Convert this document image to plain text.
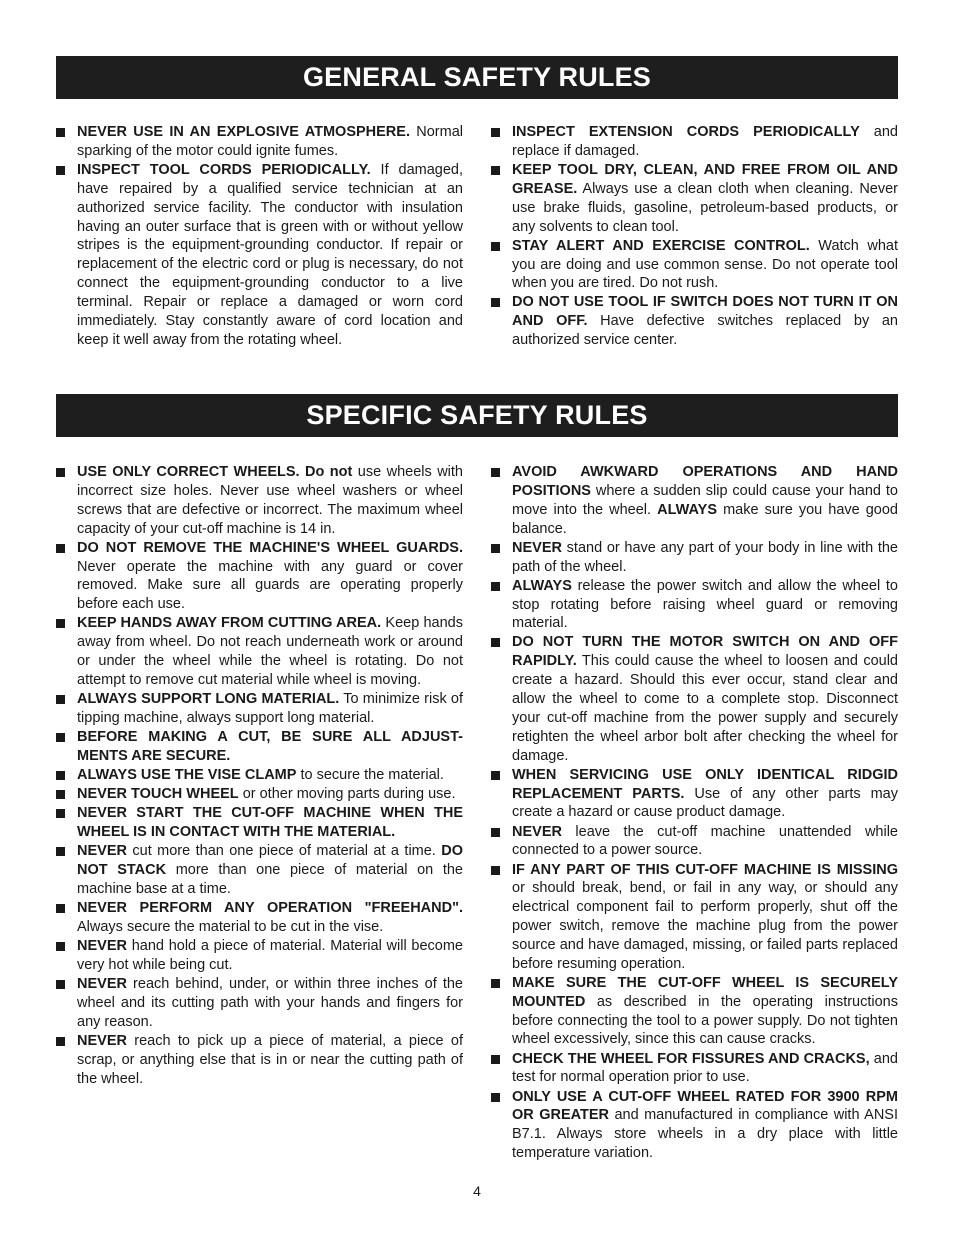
GENERAL SAFETY RULES
NEVER USE IN AN EXPLOSIVE ATMOSPHERE. Normal sparking of the motor could ignite fumes.
INSPECT TOOL CORDS PERIODICALLY. If damaged, have repaired by a qualified service technician at an authorized service facility. The conductor with insulation having an outer surface that is green with or without yellow stripes is the equipment-grounding conductor. If repair or replacement of the electric cord or plug is necessary, do not connect the equipment-grounding conductor to a live terminal. Repair or replace a damaged or worn cord immediately. Stay constantly aware of cord location and keep it well away from the rotating wheel.
INSPECT EXTENSION CORDS PERIODICALLY and replace if damaged.
KEEP TOOL DRY, CLEAN, AND FREE FROM OIL AND GREASE. Always use a clean cloth when cleaning. Never use brake fluids, gasoline, petroleum-based products, or any solvents to clean tool.
STAY ALERT AND EXERCISE CONTROL. Watch what you are doing and use common sense. Do not operate tool when you are tired. Do not rush.
DO NOT USE TOOL IF SWITCH DOES NOT TURN IT ON AND OFF. Have defective switches replaced by an authorized service center.
SPECIFIC SAFETY RULES
USE ONLY CORRECT WHEELS. Do not use wheels with incorrect size holes. Never use wheel washers or wheel screws that are defective or incorrect. The maximum wheel capacity of your cut-off machine is 14 in.
DO NOT REMOVE THE MACHINE'S WHEEL GUARDS. Never operate the machine with any guard or cover removed. Make sure all guards are operating properly before each use.
KEEP HANDS AWAY FROM CUTTING AREA. Keep hands away from wheel. Do not reach underneath work or around or under the wheel while the wheel is rotating. Do not attempt to remove cut material while wheel is moving.
ALWAYS SUPPORT LONG MATERIAL. To minimize risk of tipping machine, always support long material.
BEFORE MAKING A CUT, BE SURE ALL ADJUST-MENTS ARE SECURE.
ALWAYS USE THE VISE CLAMP to secure the material.
NEVER TOUCH WHEEL or other moving parts during use.
NEVER START THE CUT-OFF MACHINE WHEN THE WHEEL IS IN CONTACT WITH THE MATERIAL.
NEVER cut more than one piece of material at a time. DO NOT STACK more than one piece of material on the machine base at a time.
NEVER PERFORM ANY OPERATION "FREEHAND". Always secure the material to be cut in the vise.
NEVER hand hold a piece of material. Material will become very hot while being cut.
NEVER reach behind, under, or within three inches of the wheel and its cutting path with your hands and fingers for any reason.
NEVER reach to pick up a piece of material, a piece of scrap, or anything else that is in or near the cutting path of the wheel.
AVOID AWKWARD OPERATIONS AND HAND POSITIONS where a sudden slip could cause your hand to move into the wheel. ALWAYS make sure you have good balance.
NEVER stand or have any part of your body in line with the path of the wheel.
ALWAYS release the power switch and allow the wheel to stop rotating before raising wheel guard or removing material.
DO NOT TURN THE MOTOR SWITCH ON AND OFF RAPIDLY. This could cause the wheel to loosen and could create a hazard. Should this ever occur, stand clear and allow the wheel to come to a complete stop. Disconnect your cut-off machine from the power supply and securely retighten the wheel arbor bolt after checking the wheel for damage.
WHEN SERVICING USE ONLY IDENTICAL RIDGID REPLACEMENT PARTS. Use of any other parts may create a hazard or cause product damage.
NEVER leave the cut-off machine unattended while connected to a power source.
IF ANY PART OF THIS CUT-OFF MACHINE IS MISSING or should break, bend, or fail in any way, or should any electrical component fail to perform properly, shut off the power switch, remove the machine plug from the power source and have damaged, missing, or failed parts replaced before resuming operation.
MAKE SURE THE CUT-OFF WHEEL IS SECURELY MOUNTED as described in the operating instructions before connecting the tool to a power supply. Do not tighten wheel excessively, since this can cause cracks.
CHECK THE WHEEL FOR FISSURES AND CRACKS, and test for normal operation prior to use.
ONLY USE A CUT-OFF WHEEL RATED FOR 3900 RPM OR GREATER and manufactured in compliance with ANSI B7.1. Always store wheels in a dry place with little temperature variation.
4
